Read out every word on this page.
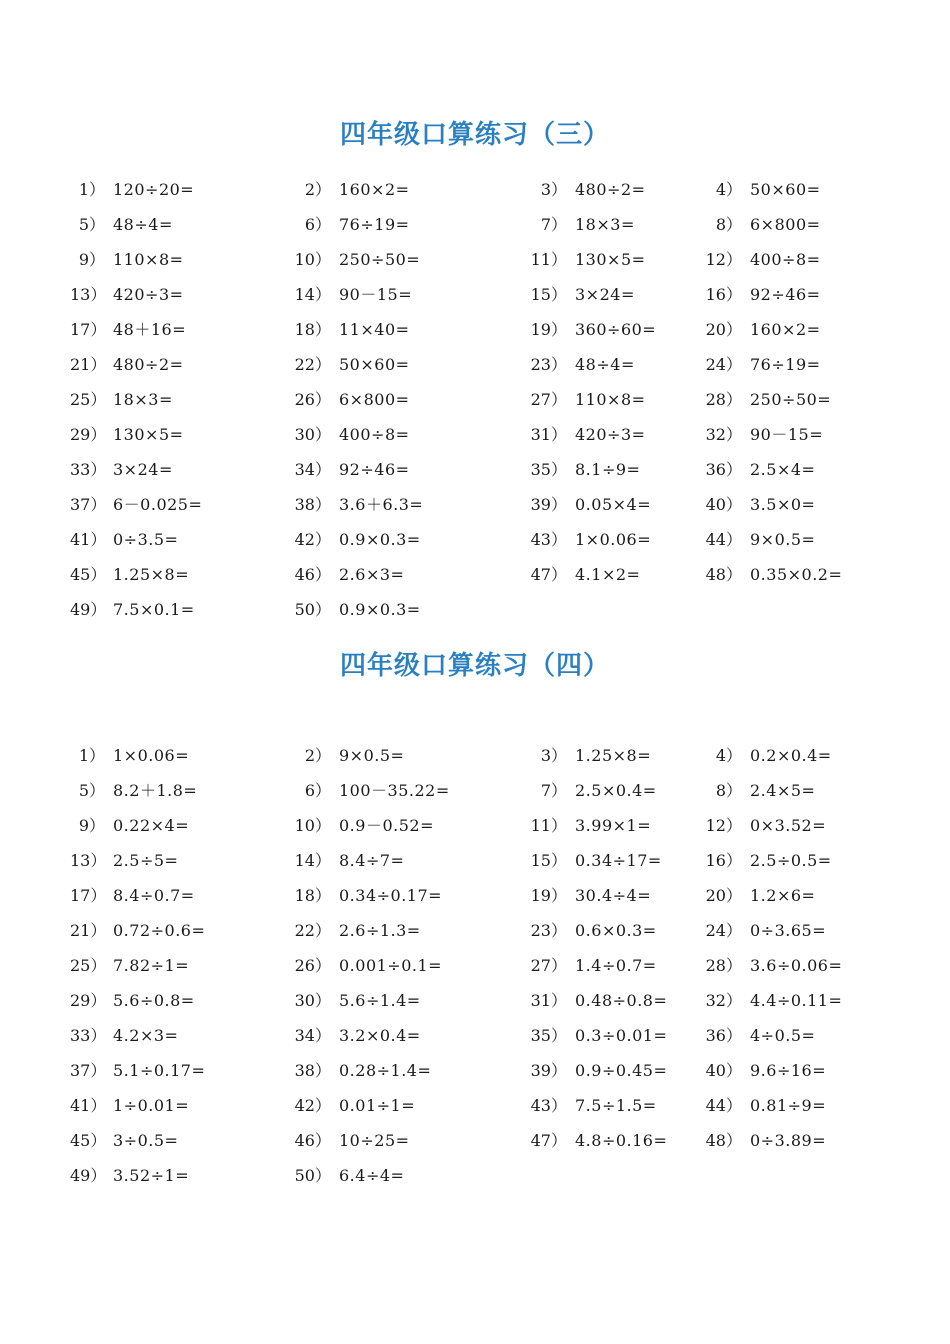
四年级口算练习（三）
1） 120÷20=	2） 160×2=	3） 480÷2=	4） 50×60=
5） 48÷4=	6） 76÷19=	7） 18×3=	8） 6×800=
9） 110×8=	10） 250÷50=	11） 130×5=	12） 400÷8=
13） 420÷3=	14） 90－15=	15） 3×24=	16） 92÷46=
17） 48＋16=	18） 11×40=	19） 360÷60=	20） 160×2=
21） 480÷2=	22） 50×60=	23） 48÷4=	24） 76÷19=
25） 18×3=	26） 6×800=	27） 110×8=	28） 250÷50=
29） 130×5=	30） 400÷8=	31） 420÷3=	32） 90－15=
33） 3×24=	34） 92÷46=	35） 8.1÷9=	36） 2.5×4=
37） 6－0.025=	38） 3.6＋6.3=	39） 0.05×4=	40） 3.5×0=
41） 0÷3.5=	42） 0.9×0.3=	43） 1×0.06=	44） 9×0.5=
45） 1.25×8=	46） 2.6×3=	47） 4.1×2=	48） 0.35×0.2=
49） 7.5×0.1=	50） 0.9×0.3=
四年级口算练习（四）
1） 1×0.06=	2） 9×0.5=	3） 1.25×8=	4） 0.2×0.4=
5） 8.2＋1.8=	6） 100－35.22=	7） 2.5×0.4=	8） 2.4×5=
9） 0.22×4=	10） 0.9－0.52=	11） 3.99×1=	12） 0×3.52=
13） 2.5÷5=	14） 8.4÷7=	15） 0.34÷17=	16） 2.5÷0.5=
17） 8.4÷0.7=	18） 0.34÷0.17=	19） 30.4÷4=	20） 1.2×6=
21） 0.72÷0.6=	22） 2.6÷1.3=	23） 0.6×0.3=	24） 0÷3.65=
25） 7.82÷1=	26） 0.001÷0.1=	27） 1.4÷0.7=	28） 3.6÷0.06=
29） 5.6÷0.8=	30） 5.6÷1.4=	31） 0.48÷0.8= 32） 4.4÷0.11=
33） 4.2×3=	34） 3.2×0.4=	35） 0.3÷0.01= 36） 4÷0.5=
37） 5.1÷0.17=	38） 0.28÷1.4=	39） 0.9÷0.45= 40） 9.6÷16=
41） 1÷0.01=	42） 0.01÷1=	43） 7.5÷1.5=	44） 0.81÷9=
45） 3÷0.5=	46） 10÷25=	47） 4.8÷0.16= 48） 0÷3.89=
49） 3.52÷1=	50） 6.4÷4=
